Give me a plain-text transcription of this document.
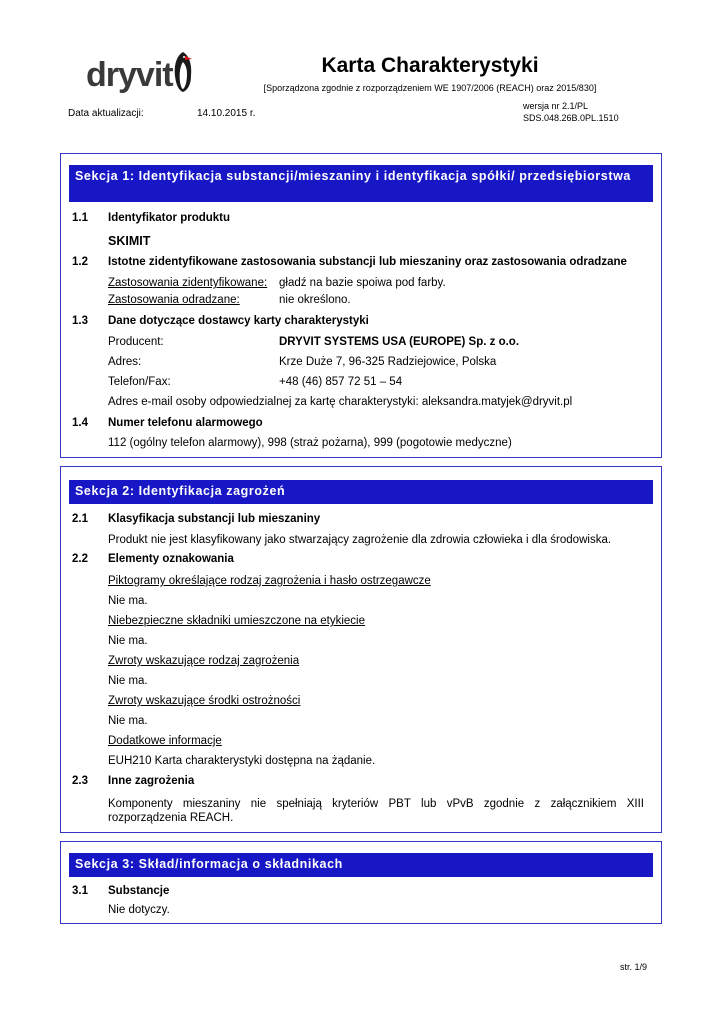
dryvit	Karta Charakterystyki
[Sporządzona zgodnie z rozporządzeniem WE 1907/2006 (REACH) oraz 2015/830]
Data aktualizacji:	14.10.2015 r.
wersja nr 2.1/PL
SDS.048.26B.0PL.1510
Sekcja 1: Identyfikacja substancji/mieszaniny i identyfikacja spółki/ przedsiębiorstwa
1.1 Identyfikator produktu
SKIMIT
1.2 Istotne zidentyfikowane zastosowania substancji lub mieszaniny oraz zastosowania odradzane
Zastosowania zidentyfikowane: gładź na bazie spoiwa pod farby.
Zastosowania odradzane:	nie określono.
1.3 Dane dotyczące dostawcy karty charakterystyki
Producent:	DRYVIT SYSTEMS USA (EUROPE) Sp. z o.o.
Adres:	Krze Duże 7, 96-325 Radziejowice, Polska
Telefon/Fax:	+48 (46) 857 72 51 – 54
Adres e-mail osoby odpowiedzialnej za kartę charakterystyki: aleksandra.matyjek@dryvit.pl
1.4 Numer telefonu alarmowego
112 (ogólny telefon alarmowy), 998 (straż pożarna), 999 (pogotowie medyczne)
Sekcja 2: Identyfikacja zagrożeń
2.1 Klasyfikacja substancji lub mieszaniny
Produkt nie jest klasyfikowany jako stwarzający zagrożenie dla zdrowia człowieka i dla środowiska.
2.2 Elementy oznakowania
Piktogramy określające rodzaj zagrożenia i hasło ostrzegawcze
Nie ma.
Niebezpieczne składniki umieszczone na etykiecie
Nie ma.
Zwroty wskazujące rodzaj zagrożenia
Nie ma.
Zwroty wskazujące środki ostrożności
Nie ma.
Dodatkowe informacje
EUH210 Karta charakterystyki dostępna na żądanie.
2.3 Inne zagrożenia
Komponenty mieszaniny nie spełniają kryteriów PBT lub vPvB zgodnie z załącznikiem XIII rozporządzenia REACH.
Sekcja 3: Skład/informacja o składnikach
3.1 Substancje
Nie dotyczy.
str. 1/9
